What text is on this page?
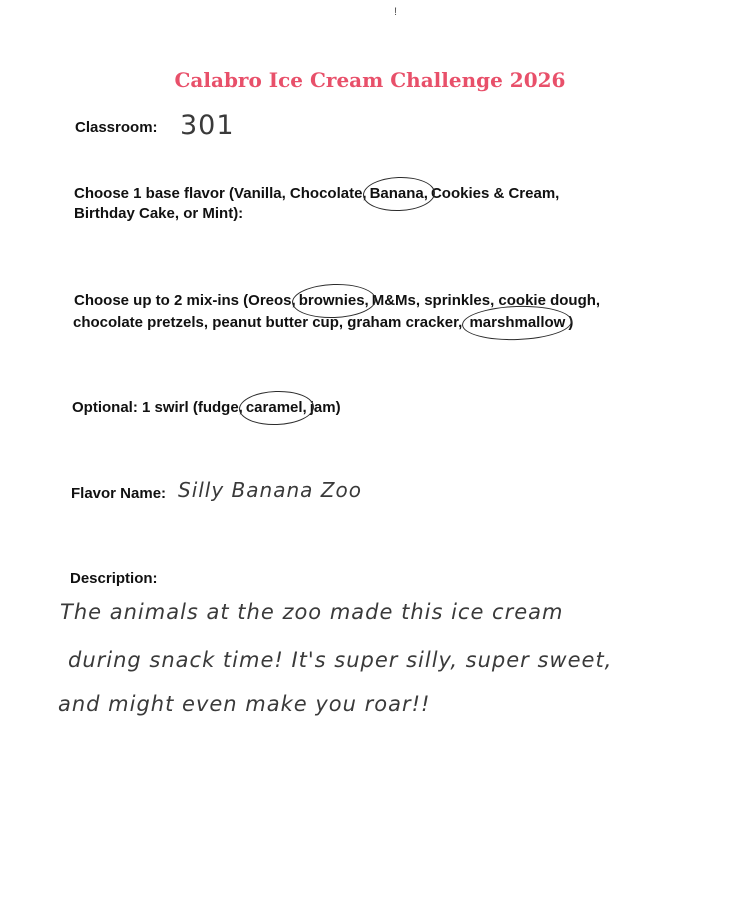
!
Calabro Ice Cream Challenge 2026
Classroom: 301
Choose 1 base flavor (Vanilla, Chocolate, Banana, Cookies & Cream,
Birthday Cake, or Mint):
Choose up to 2 mix-ins (Oreos, brownies, M&Ms, sprinkles, cookie dough,
chocolate pretzels, peanut butter cup, graham cracker, marshmallow )
Optional: 1 swirl (fudge, caramel, jam)
Flavor Name: Silly Banana Zoo
Description:
The animals at the zoo made this ice cream
during snack time! It's super silly, super sweet,
and might even make you roar!!
